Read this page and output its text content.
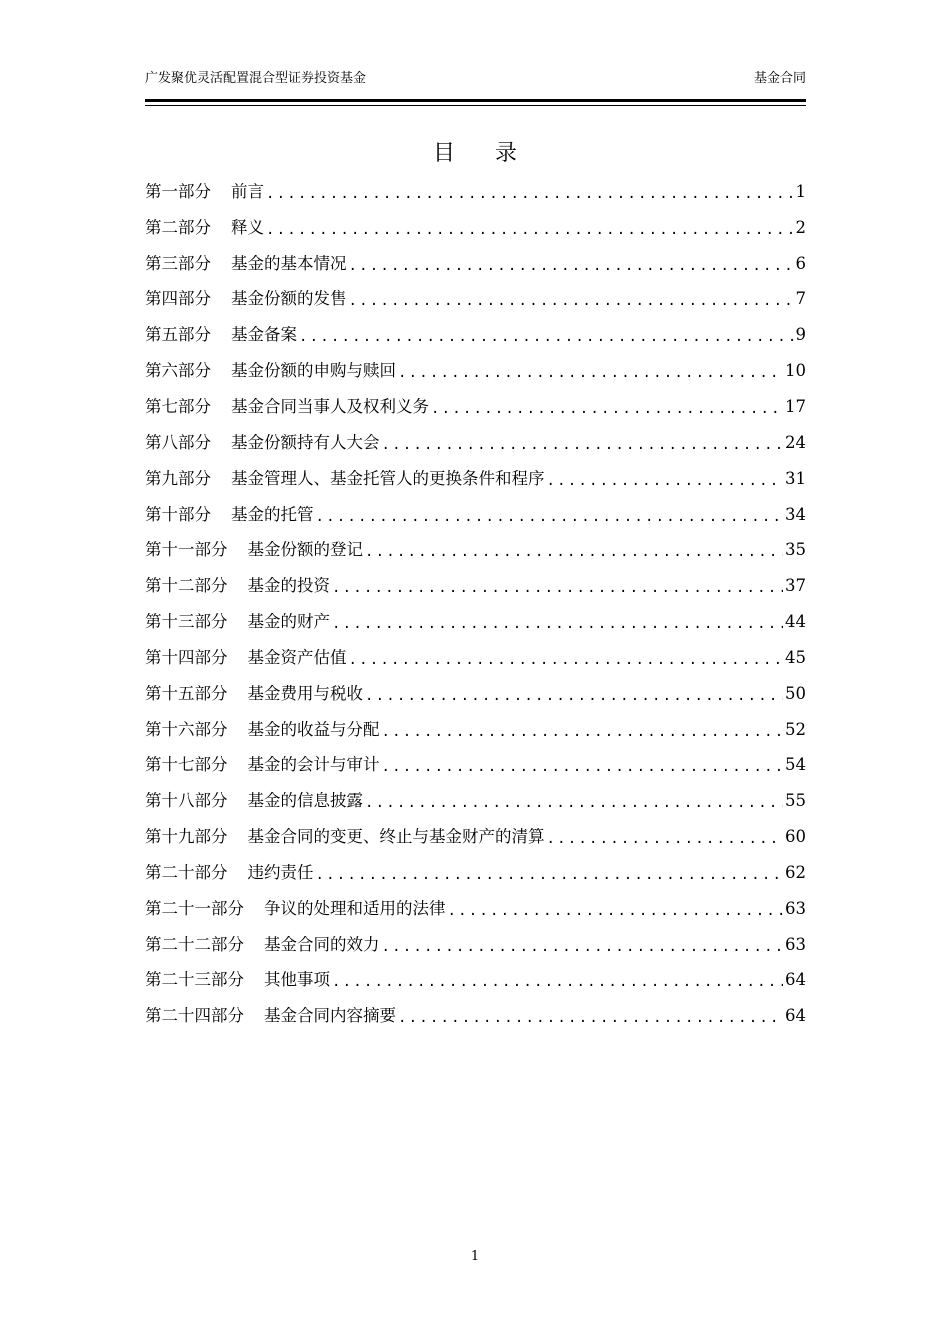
广发聚优灵活配置混合型证券投资基金	基金合同
目 录
第一部分 前言 .....	1
第二部分 释义 .....	2
第三部分 基金的基本情况 .....	6
第四部分 基金份额的发售 .....	7
第五部分 基金备案 .....	9
第六部分 基金份额的申购与赎回 .....	10
第七部分 基金合同当事人及权利义务 .....	17
第八部分 基金份额持有人大会 .....	24
第九部分 基金管理人、基金托管人的更换条件和程序 .....	31
第十部分 基金的托管 .....	34
第十一部分 基金份额的登记 .....	35
第十二部分 基金的投资 .....	37
第十三部分 基金的财产 .....	44
第十四部分 基金资产估值 .....	45
第十五部分 基金费用与税收 .....	50
第十六部分 基金的收益与分配 .....	52
第十七部分 基金的会计与审计 .....	54
第十八部分 基金的信息披露 .....	55
第十九部分 基金合同的变更、终止与基金财产的清算 .....	60
第二十部分 违约责任 .....	62
第二十一部分 争议的处理和适用的法律 .....	63
第二十二部分 基金合同的效力 .....	63
第二十三部分 其他事项 .....	64
第二十四部分 基金合同内容摘要 .....	64
1
